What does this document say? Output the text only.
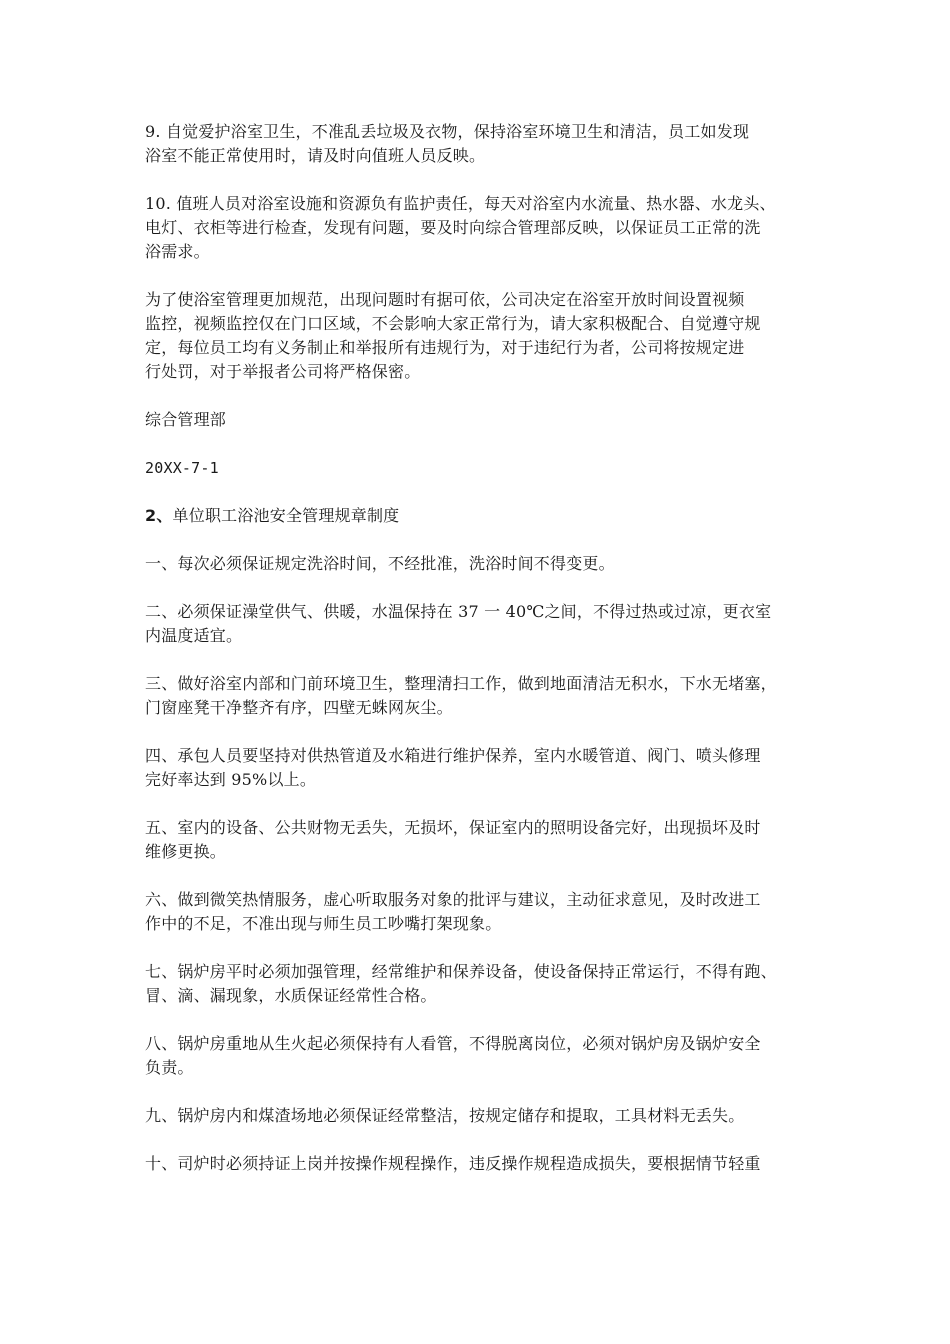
9. 自觉爱护浴室卫生，不准乱丢垃圾及衣物，保持浴室环境卫生和清洁，员工如发现
浴室不能正常使用时，请及时向值班人员反映。
10. 值班人员对浴室设施和资源负有监护责任，每天对浴室内水流量、热水器、水龙头、
电灯、衣柜等进行检查，发现有问题，要及时向综合管理部反映，以保证员工正常的洗
浴需求。
为了使浴室管理更加规范，出现问题时有据可依，公司决定在浴室开放时间设置视频
监控，视频监控仅在门口区域，不会影响大家正常行为，请大家积极配合、自觉遵守规
定，每位员工均有义务制止和举报所有违规行为，对于违纪行为者，公司将按规定进
行处罚，对于举报者公司将严格保密。
综合管理部
20XX-7-1
2、单位职工浴池安全管理规章制度
一、每次必须保证规定洗浴时间，不经批准，洗浴时间不得变更。
二、必须保证澡堂供气、供暖，水温保持在 37 一 40℃之间，不得过热或过凉，更衣室
内温度适宜。
三、做好浴室内部和门前环境卫生，整理清扫工作，做到地面清洁无积水，下水无堵塞，
门窗座凳干净整齐有序，四壁无蛛网灰尘。
四、承包人员要坚持对供热管道及水箱进行维护保养，室内水暖管道、阀门、喷头修理
完好率达到 95%以上。
五、室内的设备、公共财物无丢失，无损坏，保证室内的照明设备完好，出现损坏及时
维修更换。
六、做到微笑热情服务，虚心听取服务对象的批评与建议，主动征求意见，及时改进工
作中的不足，不准出现与师生员工吵嘴打架现象。
七、锅炉房平时必须加强管理，经常维护和保养设备，使设备保持正常运行，不得有跑、
冒、滴、漏现象，水质保证经常性合格。
八、锅炉房重地从生火起必须保持有人看管，不得脱离岗位，必须对锅炉房及锅炉安全
负责。
九、锅炉房内和煤渣场地必须保证经常整洁，按规定储存和提取，工具材料无丢失。
十、司炉时必须持证上岗并按操作规程操作，违反操作规程造成损失，要根据情节轻重
